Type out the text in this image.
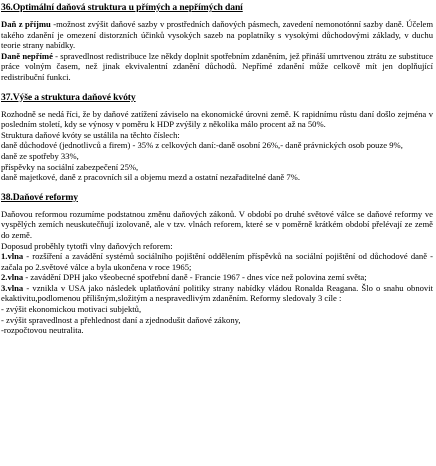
36.Optimální daňová struktura u přímých a nepřímých daní
Daň z příjmu -možnost zvýšit daňové sazby v prostředních daňových pásmech, zavedení nemonotónní sazby daně. Účelem takého zdanění je omezení distorzních účinků vysokých sazeb na poplatníky s vysokými důchodovými základy, v duchu teorie strany nabídky.
Daně nepřímé - spravedlnost redistribuce lze někdy doplnit spotřebním zdaněním, jež přináší umrtvenou ztrátu ze substituce práce volným časem, než jinak ekvivalentní zdanění důchodů. Nepřímé zdanění může celkově mít jen doplňující redistribuční funkci.
37.Výše a struktura daňové kvóty
Rozhodně se nedá říci, že by daňové zatížení záviselo na ekonomické úrovni země. K rapidnímu růstu daní došlo zejména v posledním století, kdy se výnosy v poměru k HDP zvýšily z několika málo procent až na 50%.
Struktura daňové kvóty se ustálila na těchto číslech:
daně důchodové (jednotlivců a firem) - 35% z celkových daní:-daně osobní 26%,- daně právnických osob pouze 9%,
daně ze spotřeby 33%,
příspěvky na sociální zabezpečení 25%,
daně majetkové, daně z pracovních sil a objemu mezd a ostatní nezařaditelné daně 7%.
38.Daňové reformy
Daňovou reformou rozumíme podstatnou změnu daňových zákonů. V období po druhé světové válce se daňové reformy ve vyspělých zemích neuskutečňují izolovaně, ale v tzv. vlnách reforem, které se v poměrně krátkém období přelévají ze země do země.
Doposud proběhly tytotři vlny daňových reforem:
1.vlna - rozšíření a zavádění systémů sociálního pojištění oddělením příspěvků na sociální pojištění od důchodové daně - začala po 2.světové válce a byla ukončena v roce 1965;
2.vlna - zavádění DPH jako všeobecné spotřební daně - Francie 1967 - dnes více než polovina zemí světa;
3.vlna - vznikla v USA jako následek uplatňování politiky strany nabídky vládou Ronalda Reagana. Šlo o snahu obnovit ekaktivitu,podlomenou přílišným,složitým a nespravedlivým zdaněním. Reformy sledovaly 3 cíle :
- zvýšit ekonomickou motivaci subjektů,
- zvýšit spravedlnost a přehlednost daní a zjednodušit daňové zákony,
-rozpočtovou neutralita.
